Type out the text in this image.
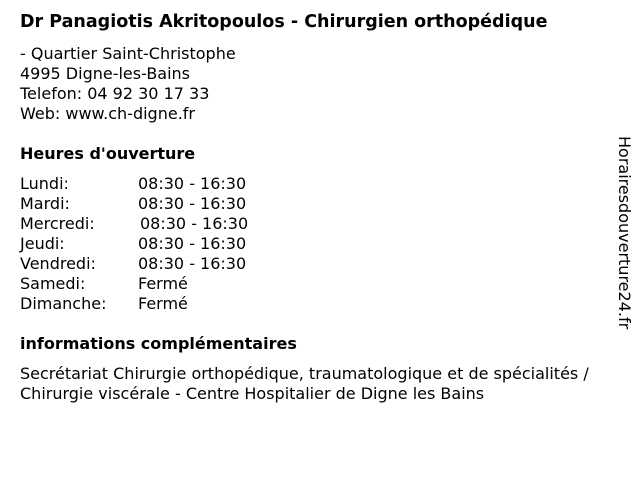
Dr Panagiotis Akritopoulos - Chirurgien orthopédique
- Quartier Saint-Christophe
4995 Digne-les-Bains
Telefon: 04 92 30 17 33
Web: www.ch-digne.fr
Heures d'ouverture
Lundi:	08:30 - 16:30
Mardi:	08:30 - 16:30
Mercredi:	08:30 - 16:30
Jeudi:	08:30 - 16:30
Vendredi:	08:30 - 16:30
Samedi:	Fermé
Dimanche: Fermé
informations complémentaires
Secrétariat Chirurgie orthopédique, traumatologique et de spécialités / Chirurgie viscérale - Centre Hospitalier de Digne les Bains
Horairesdouverture24.fr
